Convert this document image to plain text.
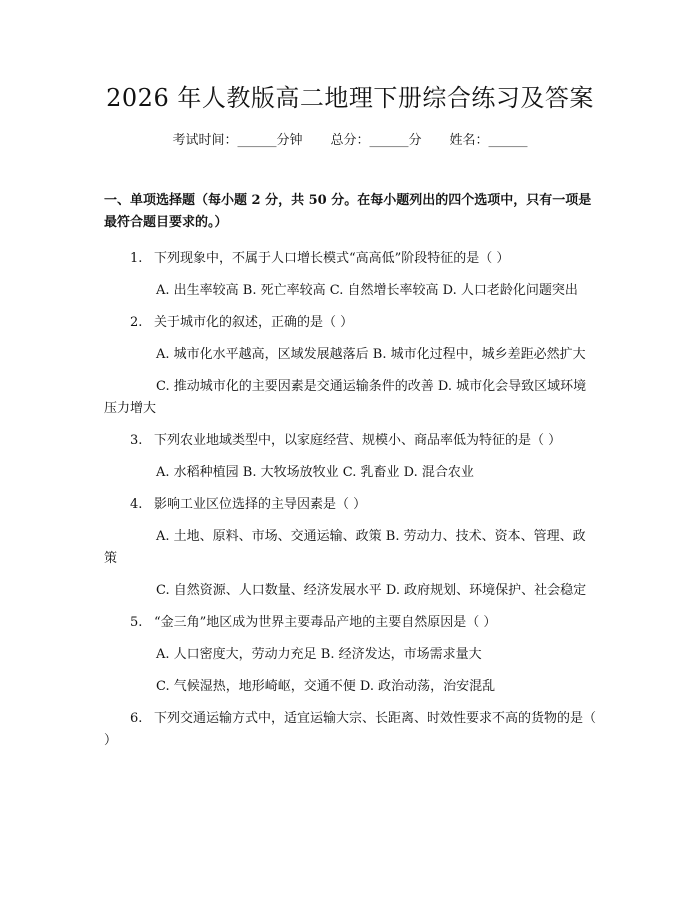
2026 年人教版高二地理下册综合练习及答案
考试时间：______分钟 总分：______分 姓名：______
一、单项选择题（每小题 2 分，共 50 分。在每小题列出的四个选项中，只有一项是最符合题目要求的。）
1. 下列现象中，不属于人口增长模式“高高低”阶段特征的是（ ）
A. 出生率较高 B. 死亡率较高 C. 自然增长率较高 D. 人口老龄化问题突出
2. 关于城市化的叙述，正确的是（ ）
A. 城市化水平越高，区域发展越落后 B. 城市化过程中，城乡差距必然扩大
C. 推动城市化的主要因素是交通运输条件的改善 D. 城市化会导致区域环境压力增大
3. 下列农业地域类型中，以家庭经营、规模小、商品率低为特征的是（ ）
A. 水稻种植园 B. 大牧场放牧业 C. 乳畜业 D. 混合农业
4. 影响工业区位选择的主导因素是（ ）
A. 土地、原料、市场、交通运输、政策 B. 劳动力、技术、资本、管理、政策
C. 自然资源、人口数量、经济发展水平 D. 政府规划、环境保护、社会稳定
5. “金三角”地区成为世界主要毒品产地的主要自然原因是（ ）
A. 人口密度大，劳动力充足 B. 经济发达，市场需求量大
C. 气候湿热，地形崎岖，交通不便 D. 政治动荡，治安混乱
6. 下列交通运输方式中，适宜运输大宗、长距离、时效性要求不高的货物的是（ ）
